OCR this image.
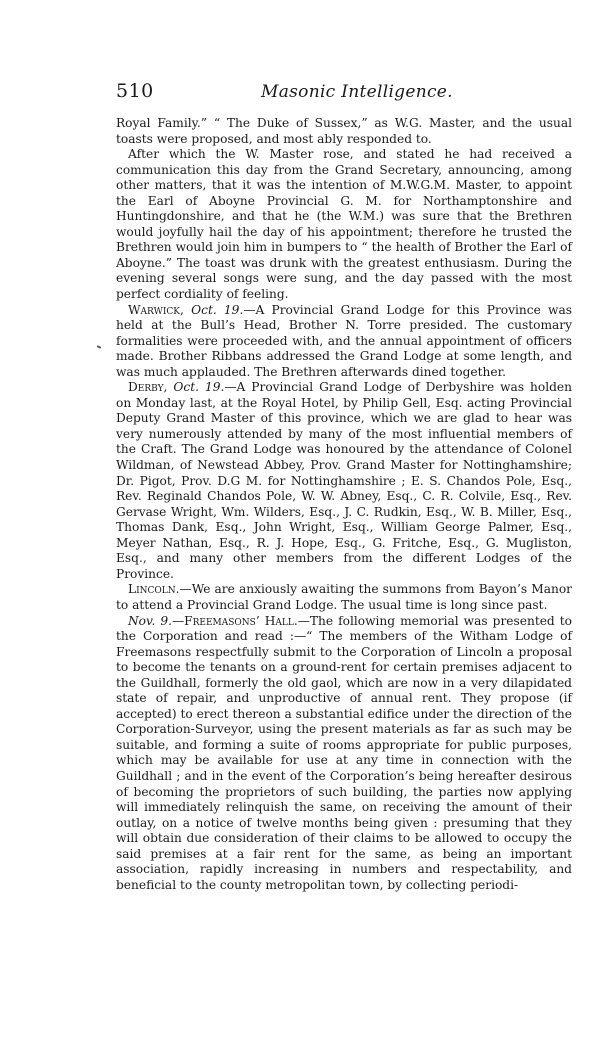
510	Masonic Intelligence.

Royal Family.” “ The Duke of Sussex,” as W.G. Master, and the usual toasts were proposed, and most ably responded to.

After which the W. Master rose, and stated he had received a communication this day from the Grand Secretary, announcing, among other matters, that it was the intention of M.W.G.M. Master, to appoint the Earl of Aboyne Provincial G. M. for Northamptonshire and Huntingdonshire, and that he (the W.M.) was sure that the Brethren would joyfully hail the day of his appointment; therefore he trusted the Brethren would join him in bumpers to “ the health of Brother the Earl of Aboyne.” The toast was drunk with the greatest enthusiasm. During the evening several songs were sung, and the day passed with the most perfect cordiality of feeling.

Warwick, Oct. 19.—A Provincial Grand Lodge for this Province was held at the Bull’s Head, Brother N. Torre presided. The customary formalities were proceeded with, and the annual appointment of officers made. Brother Ribbans addressed the Grand Lodge at some length, and was much applauded. The Brethren afterwards dined together.

Derby, Oct. 19.—A Provincial Grand Lodge of Derbyshire was holden on Monday last, at the Royal Hotel, by Philip Gell, Esq. acting Provincial Deputy Grand Master of this province, which we are glad to hear was very numerously attended by many of the most influential members of the Craft. The Grand Lodge was honoured by the attendance of Colonel Wildman, of Newstead Abbey, Prov. Grand Master for Nottinghamshire; Dr. Pigot, Prov. D.G M. for Nottinghamshire ; E. S. Chandos Pole, Esq., Rev. Reginald Chandos Pole, W. W. Abney, Esq., C. R. Colvile, Esq., Rev. Gervase Wright, Wm. Wilders, Esq., J. C. Rudkin, Esq., W. B. Miller, Esq., Thomas Dank, Esq., John Wright, Esq., William George Palmer, Esq., Meyer Nathan, Esq., R. J. Hope, Esq., G. Fritche, Esq., G. Mugliston, Esq., and many other members from the different Lodges of the Province.

Lincoln.—We are anxiously awaiting the summons from Bayon’s Manor to attend a Provincial Grand Lodge. The usual time is long since past.

Nov. 9.—Freemasons’ Hall.—The following memorial was presented to the Corporation and read :—“ The members of the Witham Lodge of Freemasons respectfully submit to the Corporation of Lincoln a proposal to become the tenants on a ground-rent for certain premises adjacent to the Guildhall, formerly the old gaol, which are now in a very dilapidated state of repair, and unproductive of annual rent. They propose (if accepted) to erect thereon a substantial edifice under the direction of the Corporation-Surveyor, using the present materials as far as such may be suitable, and forming a suite of rooms appropriate for public purposes, which may be available for use at any time in connection with the Guildhall ; and in the event of the Corporation’s being hereafter desirous of becoming the proprietors of such building, the parties now applying will immediately relinquish the same, on receiving the amount of their outlay, on a notice of twelve months being given : presuming that they will obtain due consideration of their claims to be allowed to occupy the said premises at a fair rent for the same, as being an important association, rapidly increasing in numbers and respectability, and beneficial to the county metropolitan town, by collecting periodi-
